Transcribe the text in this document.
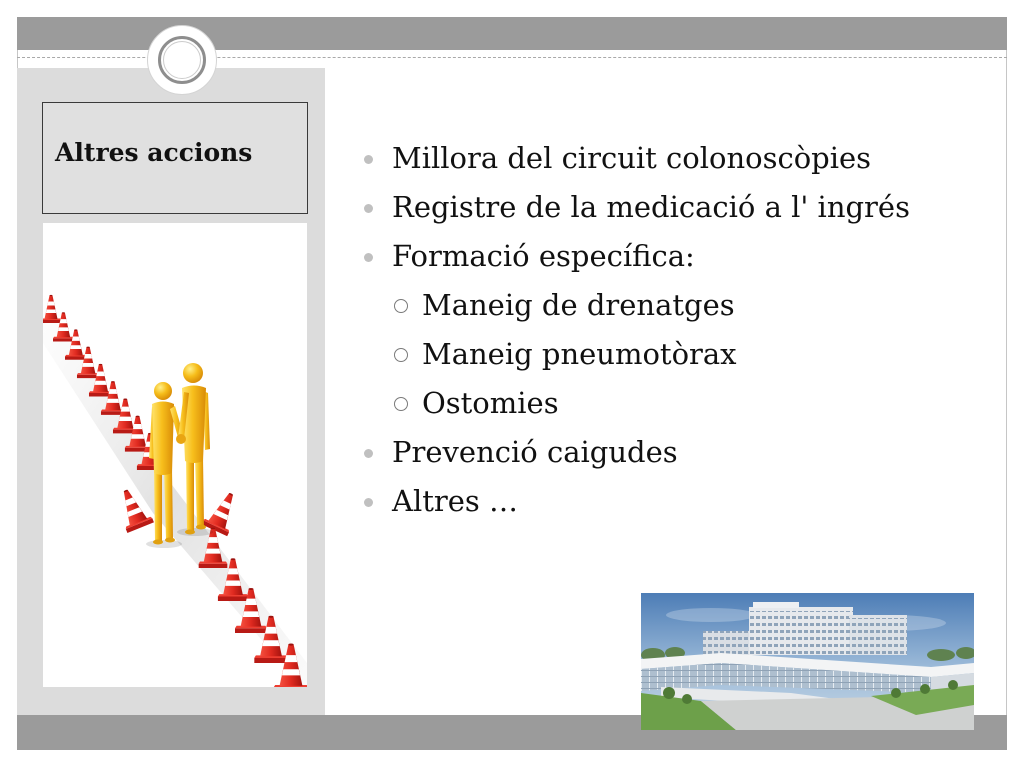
Altres accions	Millora del circuit colonoscòpies
Registre de la medicació a l' ingrés
Formació específica:
Maneig de drenatges
Maneig pneumotòrax
Ostomies
Prevenció caigudes
Altres …
